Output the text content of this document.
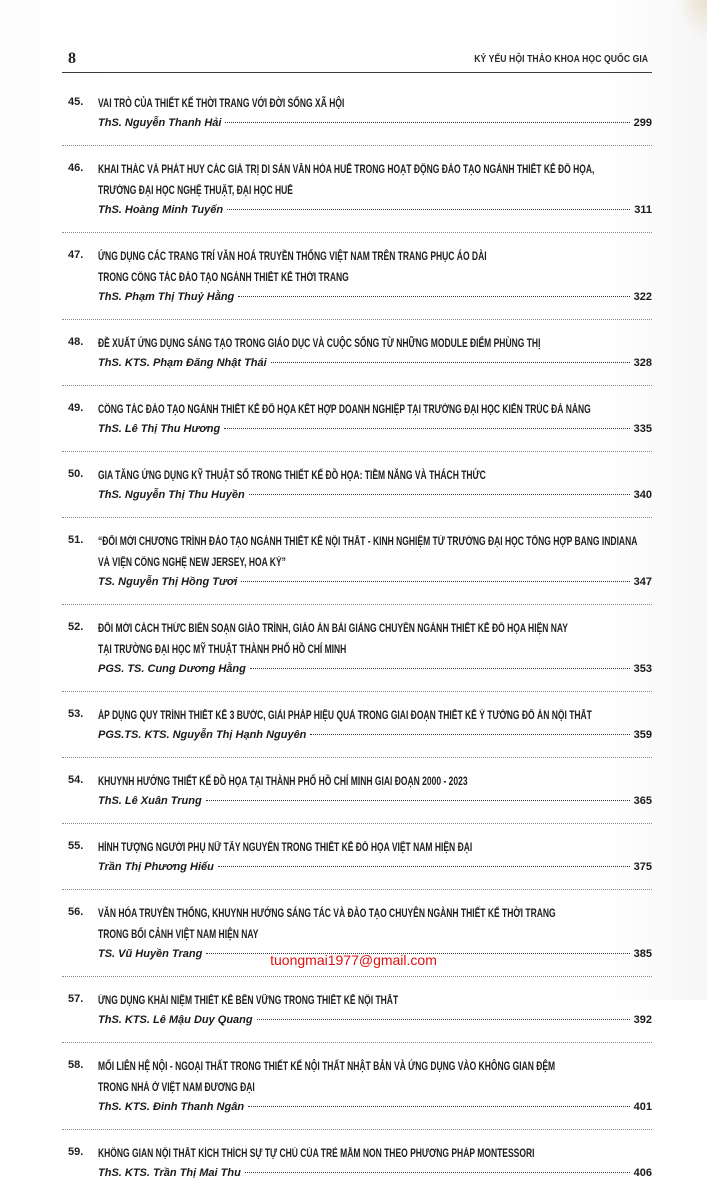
8	KỶ YẾU HỘI THẢO KHOA HỌC QUỐC GIA
45. VAI TRÒ CỦA THIẾT KẾ THỜI TRANG VỚI ĐỜI SỐNG XÃ HỘI
ThS. Nguyễn Thanh Hải	299
46. KHAI THÁC VÀ PHÁT HUY CÁC GIÁ TRỊ DI SẢN VĂN HÓA HUẾ TRONG HOẠT ĐỘNG ĐÀO TẠO NGÀNH THIẾT KẾ ĐỒ HỌA,
TRƯỜNG ĐẠI HỌC NGHỆ THUẬT, ĐẠI HỌC HUẾ
ThS. Hoàng Minh Tuyến	311
47. ỨNG DỤNG CÁC TRANG TRÍ VĂN HOÁ TRUYỀN THỐNG VIỆT NAM TRÊN TRANG PHỤC ÁO DÀI
TRONG CÔNG TÁC ĐÀO TẠO NGÀNH THIẾT KẾ THỜI TRANG
ThS. Phạm Thị Thuỷ Hằng	322
48. ĐỀ XUẤT ỨNG DỤNG SÁNG TẠO TRONG GIÁO DỤC VÀ CUỘC SỐNG TỪ NHỮNG MODULE ĐIỂM PHÙNG THỊ
ThS. KTS. Phạm Đăng Nhật Thái	328
49. CÔNG TÁC ĐÀO TẠO NGÀNH THIẾT KẾ ĐỒ HỌA KẾT HỢP DOANH NGHIỆP TẠI TRƯỜNG ĐẠI HỌC KIẾN TRÚC ĐÀ NẴNG
ThS. Lê Thị Thu Hương	335
50. GIA TĂNG ỨNG DỤNG KỸ THUẬT SỐ TRONG THIẾT KẾ ĐỒ HỌA: TIỀM NĂNG VÀ THÁCH THỨC
ThS. Nguyễn Thị Thu Huyền	340
51. “ĐỔI MỚI CHƯƠNG TRÌNH ĐÀO TẠO NGÀNH THIẾT KẾ NỘI THẤT - KINH NGHIỆM TỪ TRƯỜNG ĐẠI HỌC TỔNG HỢP BANG INDIANA
VÀ VIỆN CÔNG NGHỆ NEW JERSEY, HOA KỲ”
TS. Nguyễn Thị Hồng Tươi	347
52. ĐỔI MỚI CÁCH THỨC BIÊN SOẠN GIÁO TRÌNH, GIÁO ÁN BÀI GIẢNG CHUYÊN NGÀNH THIẾT KẾ ĐỒ HỌA HIỆN NAY
TẠI TRƯỜNG ĐẠI HỌC MỸ THUẬT THÀNH PHỐ HỒ CHÍ MINH
PGS. TS. Cung Dương Hằng	353
53. ÁP DỤNG QUY TRÌNH THIẾT KẾ 3 BƯỚC, GIẢI PHÁP HIỆU QUẢ TRONG GIAI ĐOẠN THIẾT KẾ Ý TƯỞNG ĐỒ ÁN NỘI THẤT
PGS.TS. KTS. Nguyễn Thị Hạnh Nguyên	359
54. KHUYNH HƯỚNG THIẾT KẾ ĐỒ HỌA TẠI THÀNH PHỐ HỒ CHÍ MINH GIAI ĐOẠN 2000 - 2023
ThS. Lê Xuân Trung	365
55. HÌNH TƯỢNG NGƯỜI PHỤ NỮ TÂY NGUYÊN TRONG THIẾT KẾ ĐỒ HỌA VIỆT NAM HIỆN ĐẠI
Trần Thị Phương Hiếu	375
56. VĂN HÓA TRUYỀN THỐNG, KHUYNH HƯỚNG SÁNG TÁC VÀ ĐÀO TẠO CHUYÊN NGÀNH THIẾT KẾ THỜI TRANG
TRONG BỐI CẢNH VIỆT NAM HIỆN NAY
TS. Vũ Huyền Trang	385
57. ỨNG DỤNG KHÁI NIỆM THIẾT KẾ BỀN VỮNG TRONG THIẾT KẾ NỘI THẤT
ThS. KTS. Lê Mậu Duy Quang	392
58. MỐI LIÊN HỆ NỘI - NGOẠI THẤT TRONG THIẾT KẾ NỘI THẤT NHẬT BẢN VÀ ỨNG DỤNG VÀO KHÔNG GIAN ĐỆM
TRONG NHÀ Ở VIỆT NAM ĐƯƠNG ĐẠI
ThS. KTS. Đinh Thanh Ngân	401
59. KHÔNG GIAN NỘI THẤT KÍCH THÍCH SỰ TỰ CHỦ CỦA TRẺ MẦM NON THEO PHƯƠNG PHÁP MONTESSORI
ThS. KTS. Trần Thị Mai Thu	406
tuongmai1977@gmail.com
